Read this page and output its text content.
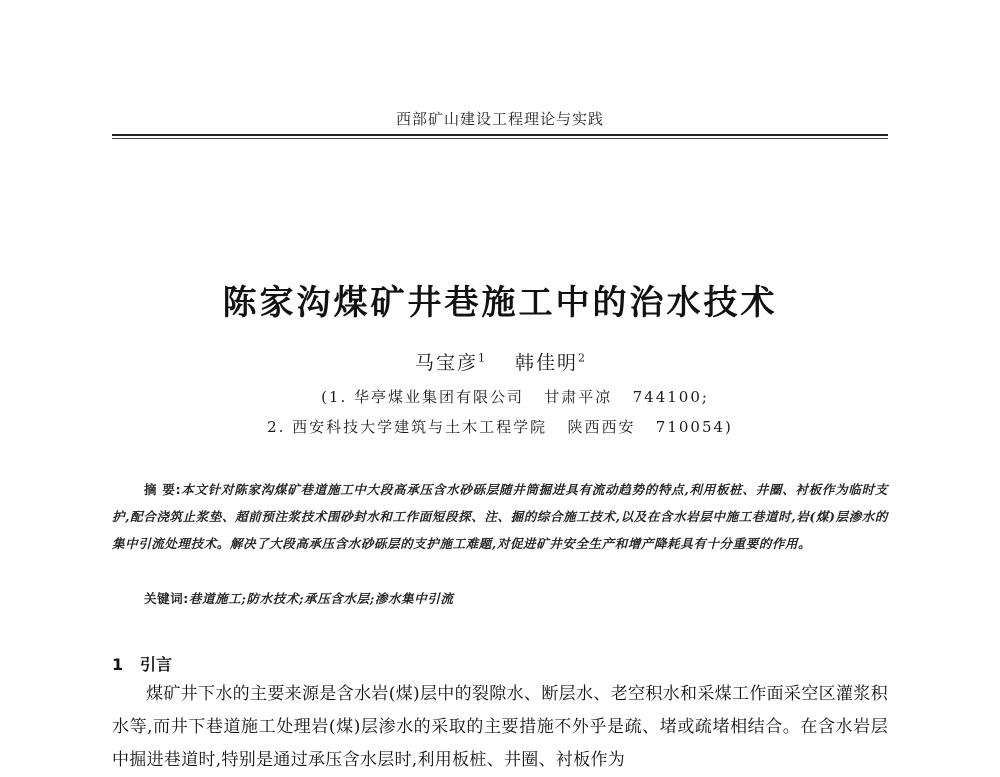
西部矿山建设工程理论与实践
陈家沟煤矿井巷施工中的治水技术
马宝彦$^1$ 韩佳明$^2$
(1. 华亭煤业集团有限公司   甘肃平凉   744100;
2. 西安科技大学建筑与土木工程学院   陕西西安   710054)
摘 要:本文针对陈家沟煤矿巷道施工中大段高承压含水砂砾层随井筒掘进具有流动趋势的特点,利用板桩、井圈、衬板作为临时支护,配合浇筑止浆垫、超前预注浆技术围砂封水和工作面短段探、注、掘的综合施工技术,以及在含水岩层中施工巷道时,岩(煤)层渗水的集中引流处理技术。解决了大段高承压含水砂砾层的支护施工难题,对促进矿井安全生产和增产降耗具有十分重要的作用。
关键词:巷道施工;防水技术;承压含水层;渗水集中引流
1 引言
煤矿井下水的主要来源是含水岩(煤)层中的裂隙水、断层水、老空积水和采煤工作面采空区灌浆积水等,而井下巷道施工处理岩(煤)层渗水的采取的主要措施不外乎是疏、堵或疏堵相结合。在含水岩层中掘进巷道时,特别是通过承压含水层时,利用板桩、井圈、衬板作为
